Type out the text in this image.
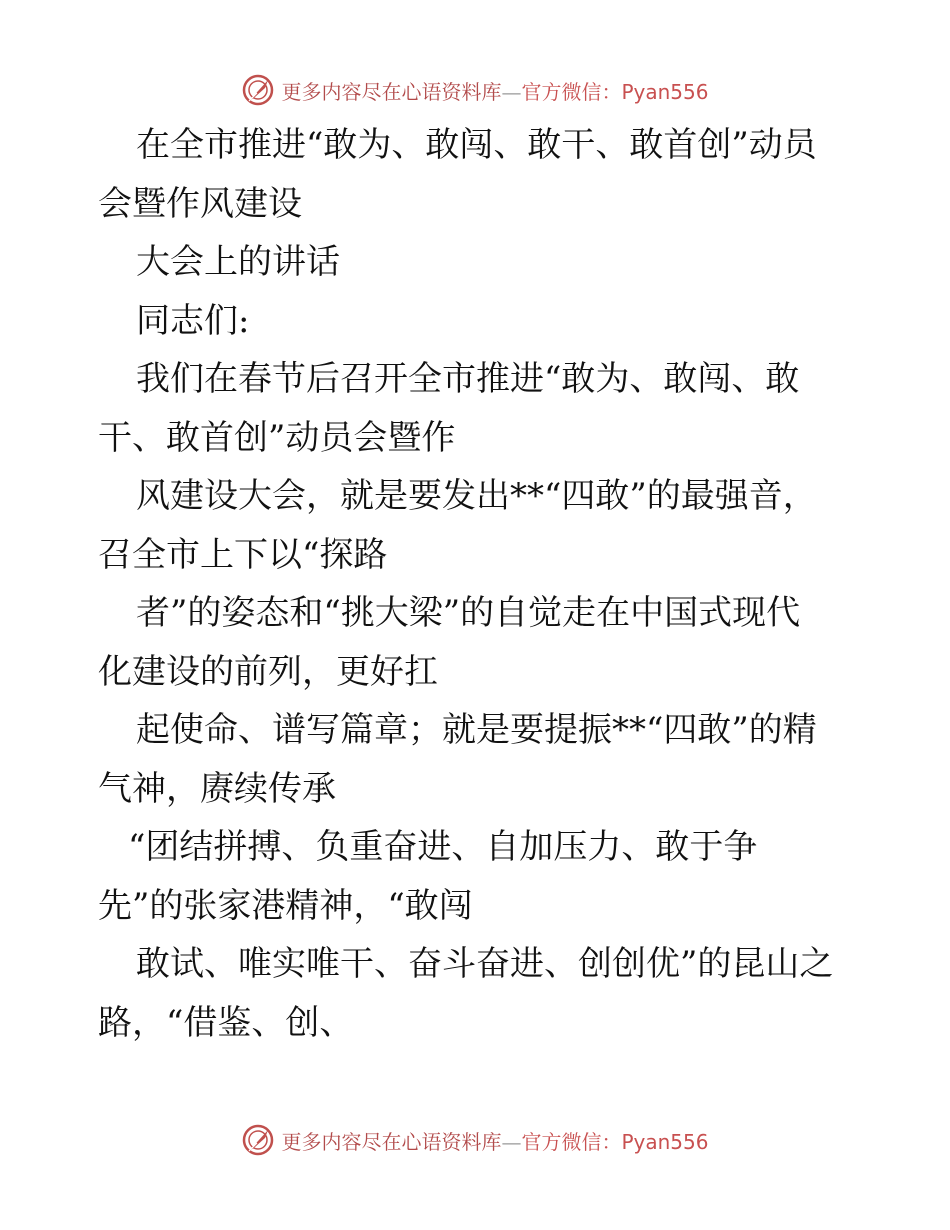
更多内容尽在心语资料库—官方微信：Pyan556
在全市推进“敢为、敢闯、敢干、敢首创”动员
会暨作风建设
大会上的讲话
同志们:
我们在春节后召开全市推进“敢为、敢闯、敢
干、敢首创”动员会暨作
风建设大会，就是要发出**“四敢”的最强音，
召全市上下以“探路
者”的姿态和“挑大梁”的自觉走在中国式现代
化建设的前列，更好扛
起使命、谱写篇章；就是要提振**“四敢”的精
气神，赓续传承
“团结拼搏、负重奋进、自加压力、敢于争
先”的张家港精神，“敢闯
敢试、唯实唯干、奋斗奋进、创创优”的昆山之
路，“借鉴、创、
更多内容尽在心语资料库—官方微信：Pyan556
